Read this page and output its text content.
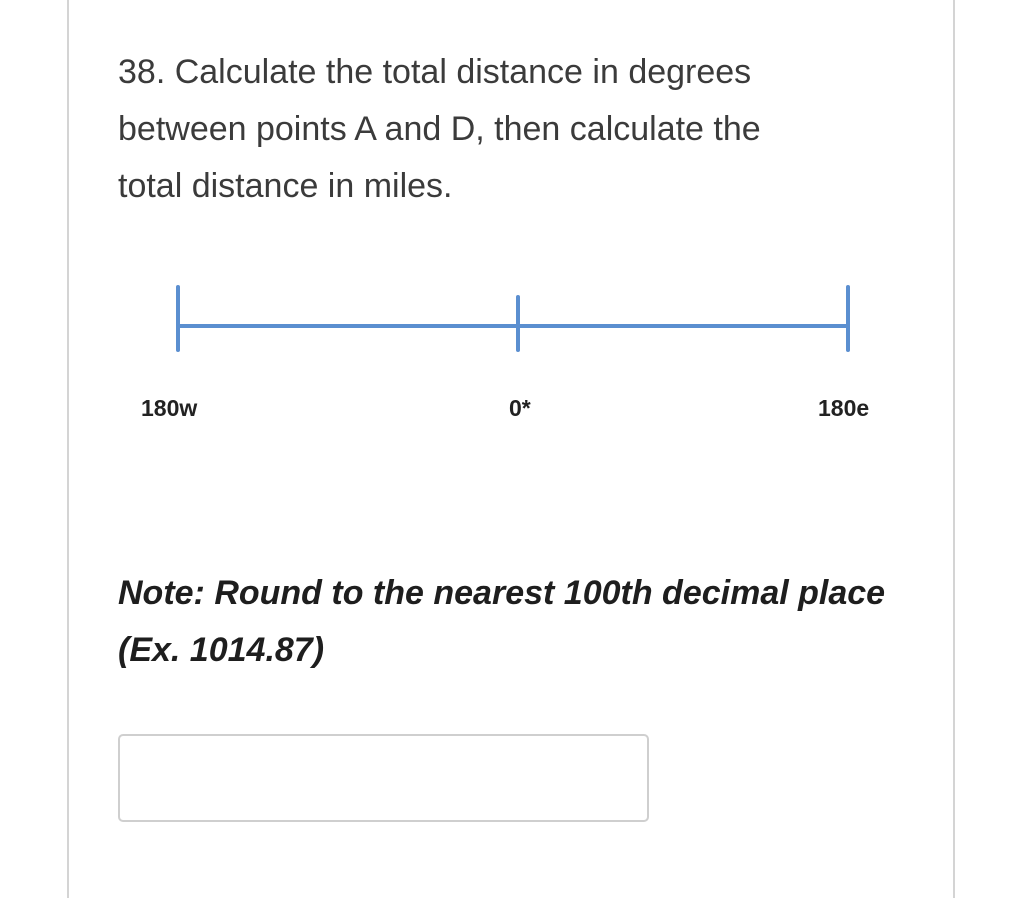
38. Calculate the total distance in degrees
between points A and D, then calculate the
total distance in miles.
180w	0*	180e
Note: Round to the nearest 100th decimal place
(Ex. 1014.87)
